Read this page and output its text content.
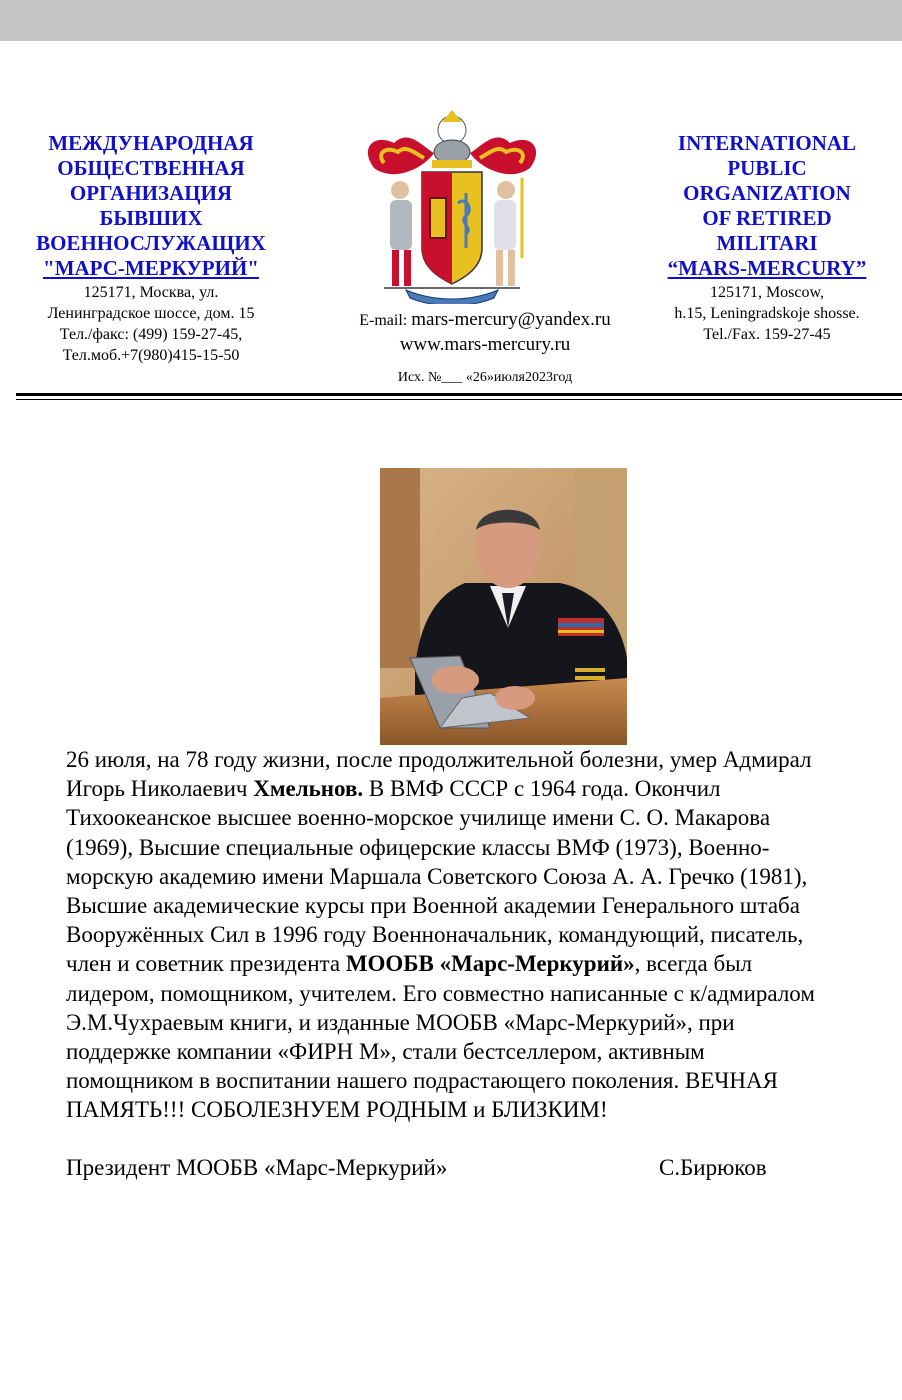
МЕЖДУНАРОДНАЯ
ОБЩЕСТВЕННАЯ
ОРГАНИЗАЦИЯ
БЫВШИХ
ВОЕННОСЛУЖАЩИХ
"МАРС-МЕРКУРИЙ"
125171, Москва, ул.
Ленинградское шоссе, дом. 15
Тел./факс: (499) 159-27-45,
Тел.моб.+7(980)415-15-50
E-mail: mars-mercury@yandex.ru
www.mars-mercury.ru
Исх. №___ «26»июля2023год
INTERNATIONAL
PUBLIC
ORGANIZATION
OF RETIRED
MILITARI
“MARS-MERCURY”
125171, Moscow,
h.15, Leningradskoje shosse.
Tel./Fax. 159-27-45
26 июля, на 78 году жизни, после продолжительной болезни, умер Адмирал
Игорь Николаевич Хмельнов. В ВМФ СССР с 1964 года. Окончил
Тихоокеанское высшее военно-морское училище имени С. О. Макарова
(1969), Высшие специальные офицерские классы ВМФ (1973), Военно-
морскую академию имени Маршала Советского Союза А. А. Гречко (1981),
Высшие академические курсы при Военной академии Генерального штаба
Вооружённых Сил в 1996 году Военноначальник, командующий, писатель,
член и советник президента МООБВ «Марс-Меркурий», всегда был
лидером, помощником, учителем. Его совместно написанные с к/адмиралом
Э.М.Чухраевым книги, и изданные МООБВ «Марс-Меркурий», при
поддержке компании «ФИРН М», стали бестселлером, активным
помощником в воспитании нашего подрастающего поколения. ВЕЧНАЯ
ПАМЯТЬ!!! СОБОЛЕЗНУЕМ РОДНЫМ и БЛИЗКИМ!
Президент МООБВ «Марс-Меркурий»	С.Бирюков
